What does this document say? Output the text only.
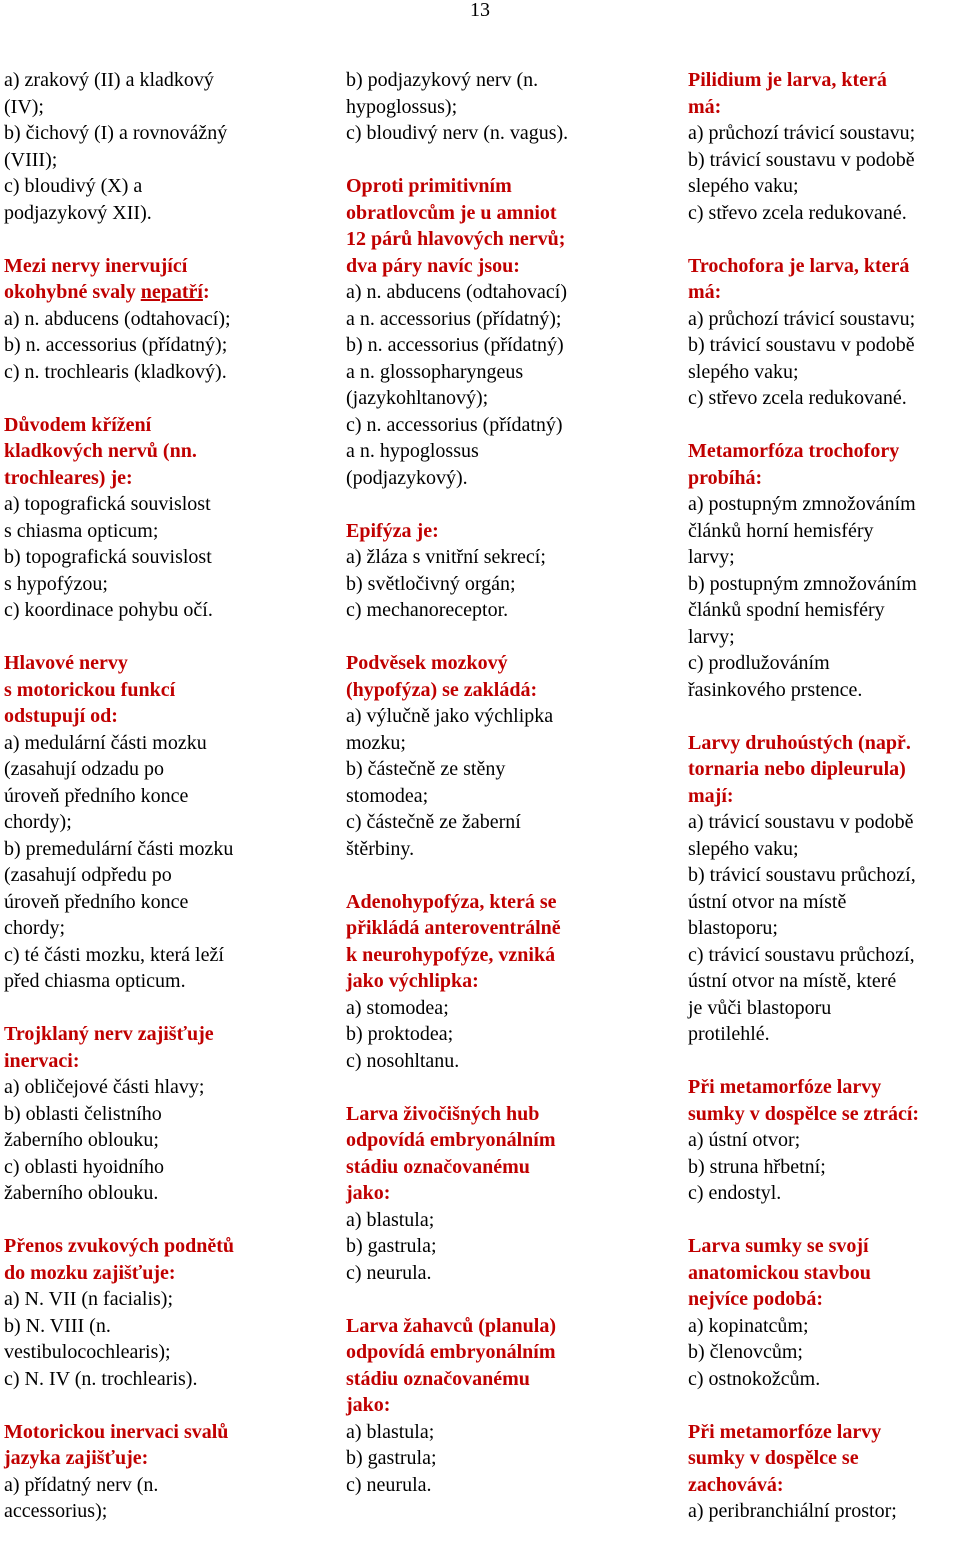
13
a) zrakový (II) a kladkový
(IV);
b) čichový (I) a rovnovážný
(VIII);
c) bloudivý (X) a
podjazykový XII).
Mezi nervy inervující
okohybné svaly nepatří:
a) n. abducens (odtahovací);
b) n. accessorius (přídatný);
c) n. trochlearis (kladkový).
Důvodem křížení
kladkových nervů (nn.
trochleares) je:
a) topografická souvislost
s chiasma opticum;
b) topografická souvislost
s hypofýzou;
c) koordinace pohybu očí.
Hlavové nervy
s motorickou funkcí
odstupují od:
a) medulární části mozku
(zasahují odzadu po
úroveň předního konce
chordy);
b) premedulární části mozku
(zasahují odpředu po
úroveň předního konce
chordy;
c) té části mozku, která leží
před chiasma opticum.
Trojklaný nerv zajišťuje
inervaci:
a) obličejové části hlavy;
b) oblasti čelistního
žaberního oblouku;
c) oblasti hyoidního
žaberního oblouku.
Přenos zvukových podnětů
do mozku zajišťuje:
a) N. VII (n facialis);
b) N. VIII (n.
vestibulocochlearis);
c) N. IV (n. trochlearis).
Motorickou inervaci svalů
jazyka zajišťuje:
a) přídatný nerv (n.
accessorius);
b) podjazykový nerv (n.
hypoglossus);
c) bloudivý nerv (n. vagus).
Oproti primitivním
obratlovcům je u amniot
12 párů hlavových nervů;
dva páry navíc jsou:
a) n. abducens (odtahovací)
a n. accessorius (přídatný);
b) n. accessorius (přídatný)
a n. glossopharyngeus
(jazykohltanový);
c) n. accessorius (přídatný)
a n. hypoglossus
(podjazykový).
Epifýza je:
a) žláza s vnitřní sekrecí;
b) světločivný orgán;
c) mechanoreceptor.
Podvěsek mozkový
(hypofýza) se zakládá:
a) výlučně jako výchlipka
mozku;
b) částečně ze stěny
stomodea;
c) částečně ze žaberní
štěrbiny.
Adenohypofýza, která se
přikládá anteroventrálně
k neurohypofýze, vzniká
jako výchlipka:
a) stomodea;
b) proktodea;
c) nosohltanu.
Larva živočišných hub
odpovídá embryonálním
stádiu označovanému
jako:
a) blastula;
b) gastrula;
c) neurula.
Larva žahavců (planula)
odpovídá embryonálním
stádiu označovanému
jako:
a) blastula;
b) gastrula;
c) neurula.
Pilidium je larva, která
má:
a) průchozí trávicí soustavu;
b) trávicí soustavu v podobě
slepého vaku;
c) střevo zcela redukované.
Trochofora je larva, která
má:
a) průchozí trávicí soustavu;
b) trávicí soustavu v podobě
slepého vaku;
c) střevo zcela redukované.
Metamorfóza trochofory
probíhá:
a) postupným zmnožováním
článků horní hemisféry
larvy;
b) postupným zmnožováním
článků spodní hemisféry
larvy;
c) prodlužováním
řasinkového prstence.
Larvy druhoústých (např.
tornaria nebo dipleurula)
mají:
a) trávicí soustavu v podobě
slepého vaku;
b) trávicí soustavu průchozí,
ústní otvor na místě
blastoporu;
c) trávicí soustavu průchozí,
ústní otvor na místě, které
je vůči blastoporu
protilehlé.
Při metamorfóze larvy
sumky v dospělce se ztrácí:
a) ústní otvor;
b) struna hřbetní;
c) endostyl.
Larva sumky se svojí
anatomickou stavbou
nejvíce podobá:
a) kopinatcům;
b) členovcům;
c) ostnokožcům.
Při metamorfóze larvy
sumky v dospělce se
zachovává:
a) peribranchiální prostor;
